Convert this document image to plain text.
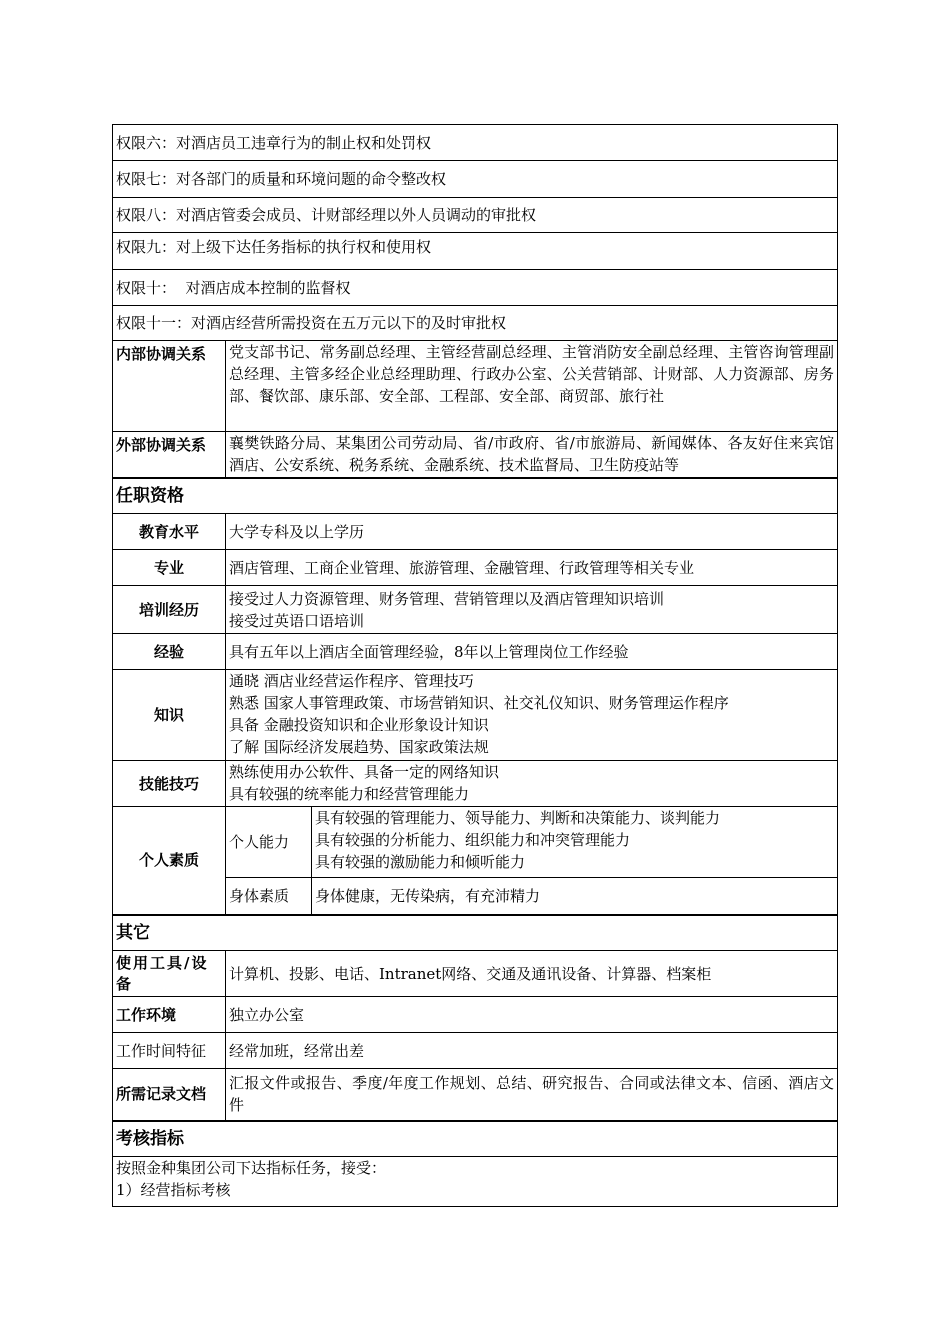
权限六：对酒店员工违章行为的制止权和处罚权		
权限七：对各部门的质量和环境问题的命令整改权		
权限八：对酒店管委会成员、计财部经理以外人员调动的审批权		
权限九：对上级下达任务指标的执行权和使用权		
权限十：  对酒店成本控制的监督权		
权限十一：对酒店经营所需投资在五万元以下的及时审批权		
内部协调关系	党支部书记、常务副总经理、主管经营副总经理、主管消防安全副总经理、主管咨询管理副总经理、主管多经企业总经理助理、行政办公室、公关营销部、计财部、人力资源部、房务部、餐饮部、康乐部、安全部、工程部、安全部、商贸部、旅行社	
外部协调关系	襄樊铁路分局、某集团公司劳动局、省/市政府、省/市旅游局、新闻媒体、各友好住来宾馆酒店、公安系统、税务系统、金融系统、技术监督局、卫生防疫站等	
任职资格		
教育水平	大学专科及以上学历	
专业	酒店管理、工商企业管理、旅游管理、金融管理、行政管理等相关专业	
培训经历	接受过人力资源管理、财务管理、营销管理以及酒店管理知识培训
接受过英语口语培训	

经验	具有五年以上酒店全面管理经验，8年以上管理岗位工作经验	
知识	通晓 酒店业经营运作程序、管理技巧
熟悉 国家人事管理政策、市场营销知识、社交礼仪知识、财务管理运作程序
具备 金融投资知识和企业形象设计知识
了解 国际经济发展趋势、国家政策法规	

技能技巧	熟练使用办公软件、具备一定的网络知识
具有较强的统率能力和经营管理能力	

个人素质	个人能力	具有较强的管理能力、领导能力、判断和决策能力、谈判能力
具有较强的分析能力、组织能力和冲突管理能力
具有较强的激励能力和倾听能力

	身体素质	身体健康，无传染病，有充沛精力
其它		
使用工具/设备	计算机、投影、电话、Intranet网络、交通及通讯设备、计算器、档案柜	
工作环境	独立办公室	
工作时间特征	经常加班，经常出差	
所需记录文档	汇报文件或报告、季度/年度工作规划、总结、研究报告、合同或法律文本、信函、酒店文件	
考核指标		

按照金种集团公司下达指标任务，接受：
1）经营指标考核		
